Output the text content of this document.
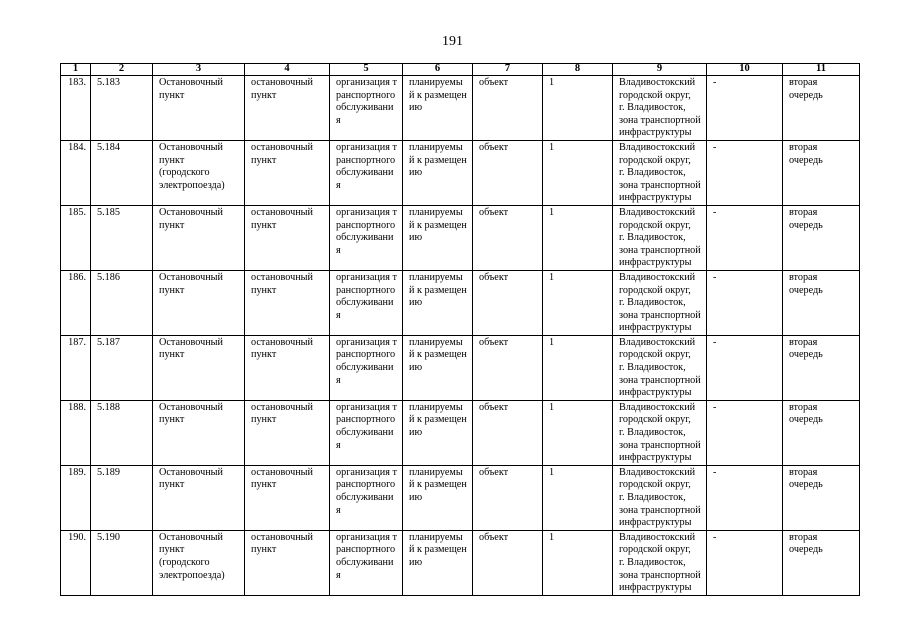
191
1	2	3	4	5	6	7	8	9	10	11
183.	5.183	Остановочный
пункт	остановочный
пункт	организация транспортного обслуживания	планируемый к размещению	объект	1	Владивостокский
городской округ,
г. Владивосток,
зона транспортной
инфраструктуры	-	вторая
очередь
184.	5.184	Остановочный
пункт
(городского
электропоезда)	остановочный
пункт	организация транспортного обслуживания	планируемый к размещению	объект	1	Владивостокский
городской округ,
г. Владивосток,
зона транспортной
инфраструктуры	-	вторая
очередь
185.	5.185	Остановочный
пункт	остановочный
пункт	организация транспортного обслуживания	планируемый к размещению	объект	1	Владивостокский
городской округ,
г. Владивосток,
зона транспортной
инфраструктуры	-	вторая
очередь
186.	5.186	Остановочный
пункт	остановочный
пункт	организация транспортного обслуживания	планируемый к размещению	объект	1	Владивостокский
городской округ,
г. Владивосток,
зона транспортной
инфраструктуры	-	вторая
очередь
187.	5.187	Остановочный
пункт	остановочный
пункт	организация транспортного обслуживания	планируемый к размещению	объект	1	Владивостокский
городской округ,
г. Владивосток,
зона транспортной
инфраструктуры	-	вторая
очередь
188.	5.188	Остановочный
пункт	остановочный
пункт	организация транспортного обслуживания	планируемый к размещению	объект	1	Владивостокский
городской округ,
г. Владивосток,
зона транспортной
инфраструктуры	-	вторая
очередь
189.	5.189	Остановочный
пункт	остановочный
пункт	организация транспортного обслуживания	планируемый к размещению	объект	1	Владивостокский
городской округ,
г. Владивосток,
зона транспортной
инфраструктуры	-	вторая
очередь
190.	5.190	Остановочный
пункт
(городского
электропоезда)	остановочный
пункт	организация транспортного обслуживания	планируемый к размещению	объект	1	Владивостокский
городской округ,
г. Владивосток,
зона транспортной
инфраструктуры	-	вторая
очередь
